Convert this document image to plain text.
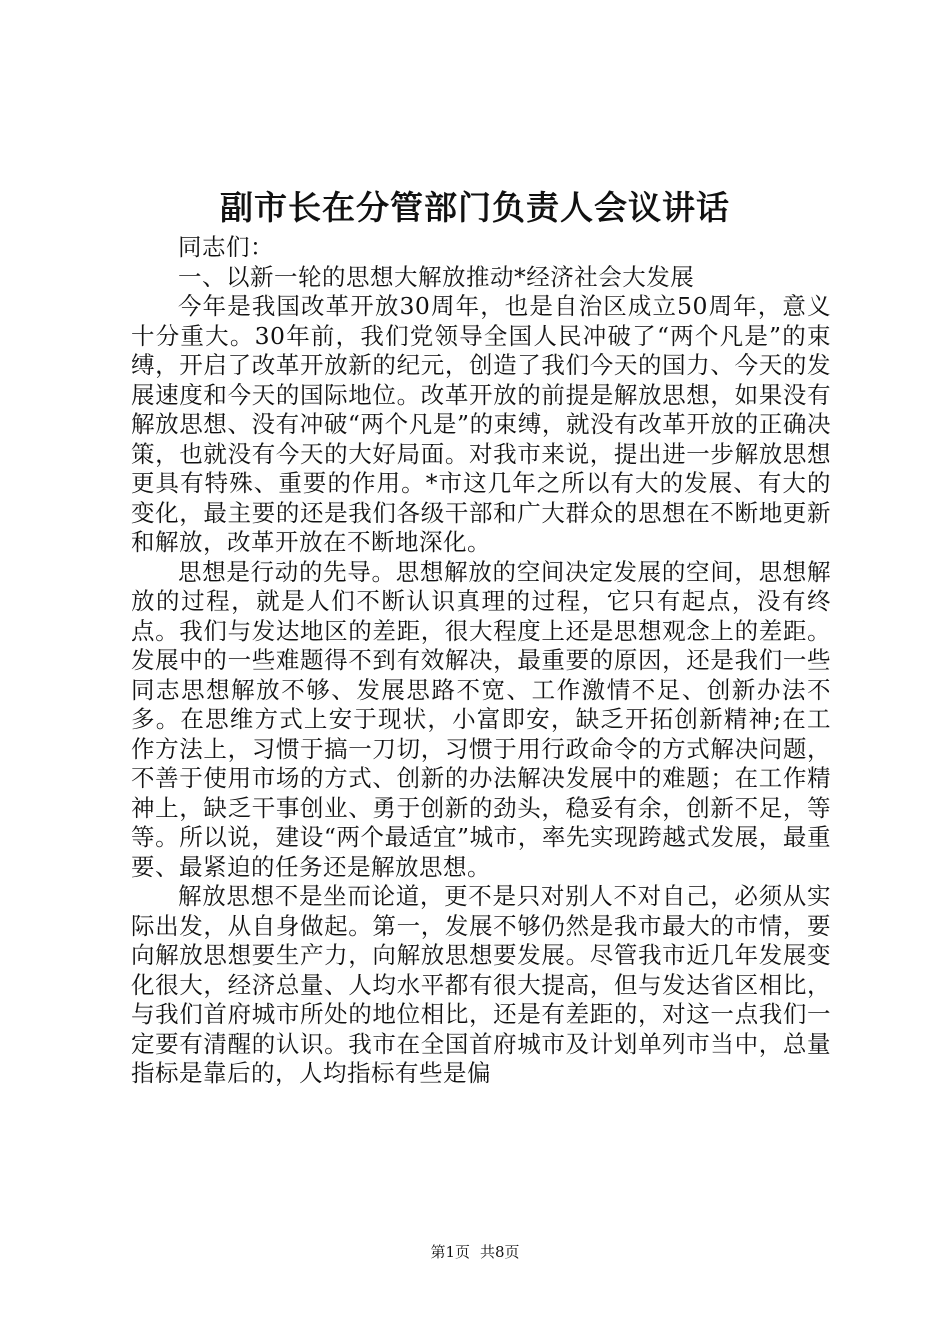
副市长在分管部门负责人会议讲话

同志们：

一、以新一轮的思想大解放推动*经济社会大发展

今年是我国改革开放30周年，也是自治区成立50周年，意义十分重大。30年前，我们党领导全国人民冲破了“两个凡是”的束缚，开启了改革开放新的纪元，创造了我们今天的国力、今天的发展速度和今天的国际地位。改革开放的前提是解放思想，如果没有解放思想、没有冲破“两个凡是”的束缚，就没有改革开放的正确决策，也就没有今天的大好局面。对我市来说，提出进一步解放思想更具有特殊、重要的作用。*市这几年之所以有大的发展、有大的变化，最主要的还是我们各级干部和广大群众的思想在不断地更新和解放，改革开放在不断地深化。

思想是行动的先导。思想解放的空间决定发展的空间，思想解放的过程，就是人们不断认识真理的过程，它只有起点，没有终点。我们与发达地区的差距，很大程度上还是思想观念上的差距。发展中的一些难题得不到有效解决，最重要的原因，还是我们一些同志思想解放不够、发展思路不宽、工作激情不足、创新办法不多。在思维方式上安于现状，小富即安，缺乏开拓创新精神;在工作方法上，习惯于搞一刀切，习惯于用行政命令的方式解决问题，不善于使用市场的方式、创新的办法解决发展中的难题；在工作精神上，缺乏干事创业、勇于创新的劲头，稳妥有余，创新不足，等等。所以说，建设“两个最适宜”城市，率先实现跨越式发展，最重要、最紧迫的任务还是解放思想。

解放思想不是坐而论道，更不是只对别人不对自己，必须从实际出发，从自身做起。第一，发展不够仍然是我市最大的市情，要向解放思想要生产力，向解放思想要发展。尽管我市近几年发展变化很大，经济总量、人均水平都有很大提高，但与发达省区相比，与我们首府城市所处的地位相比，还是有差距的，对这一点我们一定要有清醒的认识。我市在全国首府城市及计划单列市当中，总量指标是靠后的，人均指标有些是偏

第1页 共8页
